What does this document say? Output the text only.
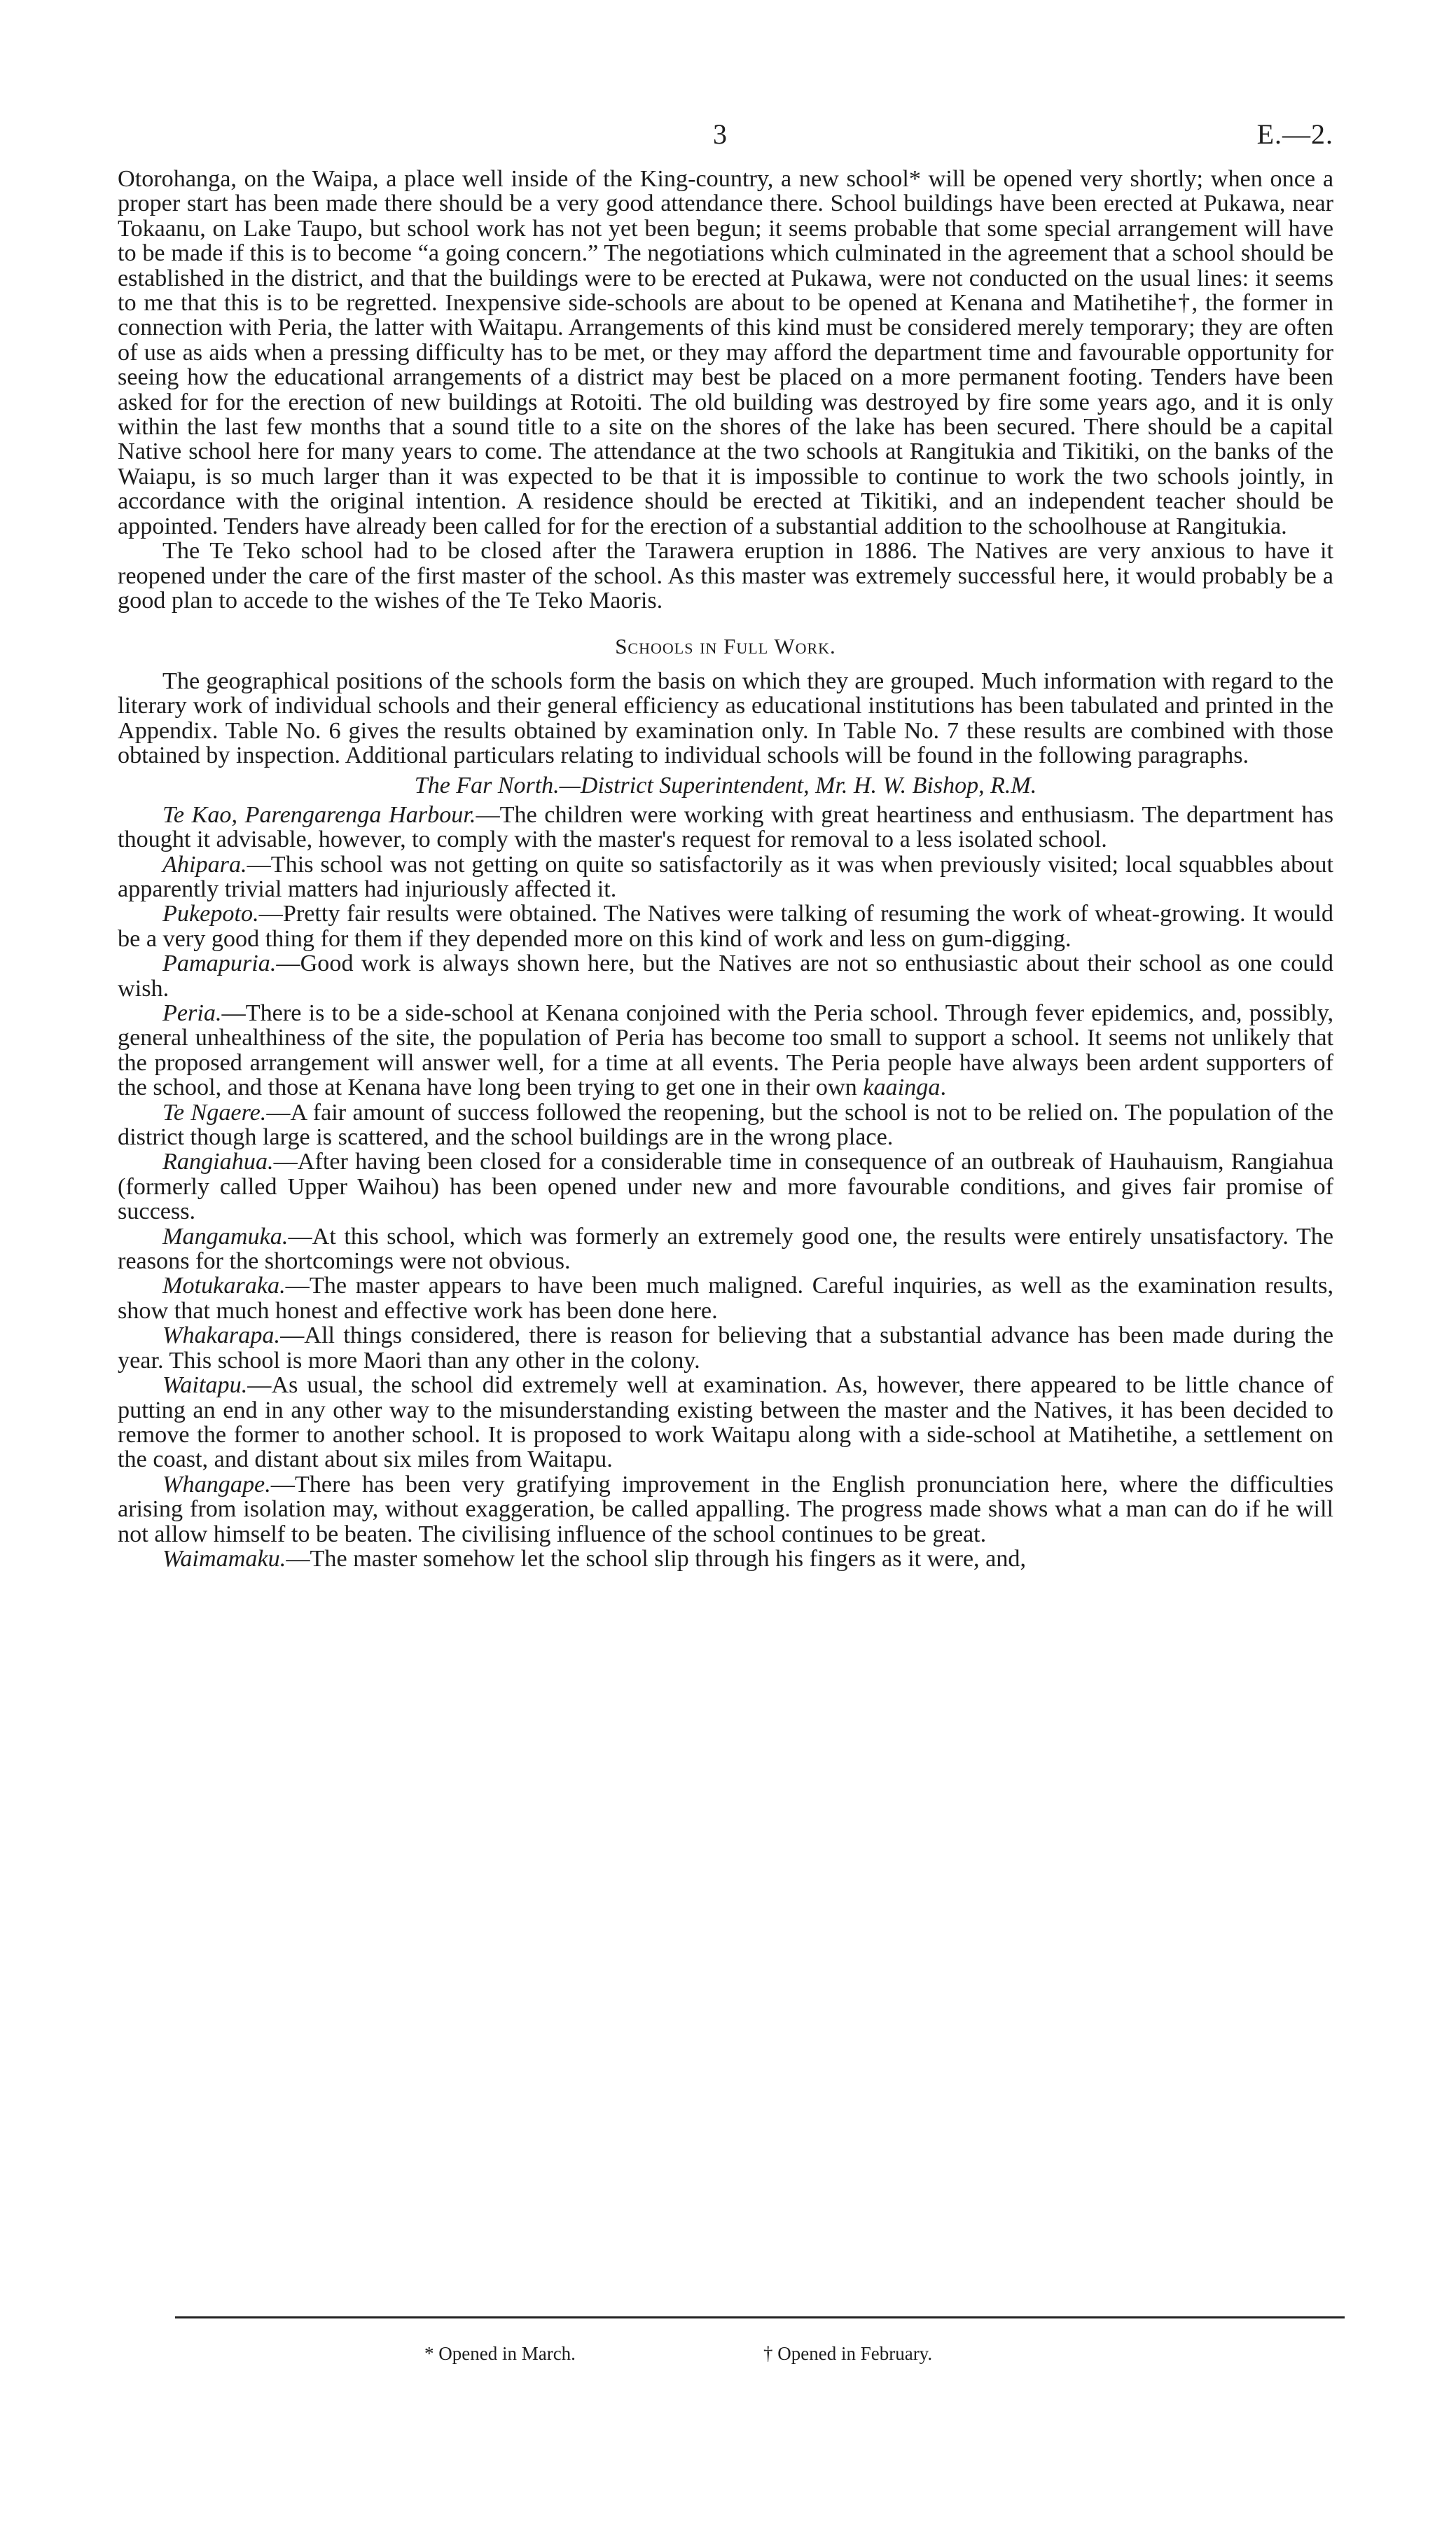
3	E.—2.

Otorohanga, on the Waipa, a place well inside of the King-country, a new school* will be opened very shortly; when once a proper start has been made there should be a very good attendance there. School buildings have been erected at Pukawa, near Tokaanu, on Lake Taupo, but school work has not yet been begun; it seems probable that some special arrangement will have to be made if this is to become “a going concern.” The negotiations which culminated in the agreement that a school should be established in the district, and that the buildings were to be erected at Pukawa, were not conducted on the usual lines: it seems to me that this is to be regretted. Inexpensive side-schools are about to be opened at Kenana and Matihetihe†, the former in connection with Peria, the latter with Waitapu. Arrangements of this kind must be considered merely temporary; they are often of use as aids when a pressing difficulty has to be met, or they may afford the department time and favourable opportunity for seeing how the educational arrangements of a district may best be placed on a more permanent footing. Tenders have been asked for for the erection of new buildings at Rotoiti. The old building was destroyed by fire some years ago, and it is only within the last few months that a sound title to a site on the shores of the lake has been secured. There should be a capital Native school here for many years to come. The attendance at the two schools at Rangitukia and Tikitiki, on the banks of the Waiapu, is so much larger than it was expected to be that it is impossible to continue to work the two schools jointly, in accordance with the original intention. A residence should be erected at Tikitiki, and an independent teacher should be appointed. Tenders have already been called for for the erection of a substantial addition to the schoolhouse at Rangitukia.

The Te Teko school had to be closed after the Tarawera eruption in 1886. The Natives are very anxious to have it reopened under the care of the first master of the school. As this master was extremely successful here, it would probably be a good plan to accede to the wishes of the Te Teko Maoris.

Schools in Full Work.

The geographical positions of the schools form the basis on which they are grouped. Much information with regard to the literary work of individual schools and their general efficiency as educational institutions has been tabulated and printed in the Appendix. Table No. 6 gives the results obtained by examination only. In Table No. 7 these results are combined with those obtained by inspection. Additional particulars relating to individual schools will be found in the following paragraphs.

The Far North.—District Superintendent, Mr. H. W. Bishop, R.M.

Te Kao, Parengarenga Harbour.—The children were working with great heartiness and enthusiasm. The department has thought it advisable, however, to comply with the master's request for removal to a less isolated school.

Ahipara.—This school was not getting on quite so satisfactorily as it was when previously visited; local squabbles about apparently trivial matters had injuriously affected it.

Pukepoto.—Pretty fair results were obtained. The Natives were talking of resuming the work of wheat-growing. It would be a very good thing for them if they depended more on this kind of work and less on gum-digging.

Pamapuria.—Good work is always shown here, but the Natives are not so enthusiastic about their school as one could wish.

Peria.—There is to be a side-school at Kenana conjoined with the Peria school. Through fever epidemics, and, possibly, general unhealthiness of the site, the population of Peria has become too small to support a school. It seems not unlikely that the proposed arrangement will answer well, for a time at all events. The Peria people have always been ardent supporters of the school, and those at Kenana have long been trying to get one in their own kaainga.

Te Ngaere.—A fair amount of success followed the reopening, but the school is not to be relied on. The population of the district though large is scattered, and the school buildings are in the wrong place.

Rangiahua.—After having been closed for a considerable time in consequence of an outbreak of Hauhauism, Rangiahua (formerly called Upper Waihou) has been opened under new and more favourable conditions, and gives fair promise of success.

Mangamuka.—At this school, which was formerly an extremely good one, the results were entirely unsatisfactory. The reasons for the shortcomings were not obvious.

Motukaraka.—The master appears to have been much maligned. Careful inquiries, as well as the examination results, show that much honest and effective work has been done here.

Whakarapa.—All things considered, there is reason for believing that a substantial advance has been made during the year. This school is more Maori than any other in the colony.

Waitapu.—As usual, the school did extremely well at examination. As, however, there appeared to be little chance of putting an end in any other way to the misunderstanding existing between the master and the Natives, it has been decided to remove the former to another school. It is proposed to work Waitapu along with a side-school at Matihetihe, a settlement on the coast, and distant about six miles from Waitapu.

Whangape.—There has been very gratifying improvement in the English pronunciation here, where the difficulties arising from isolation may, without exaggeration, be called appalling. The progress made shows what a man can do if he will not allow himself to be beaten. The civilising influence of the school continues to be great.

Waimamaku.—The master somehow let the school slip through his fingers as it were, and,

* Opened in March.	† Opened in February.
